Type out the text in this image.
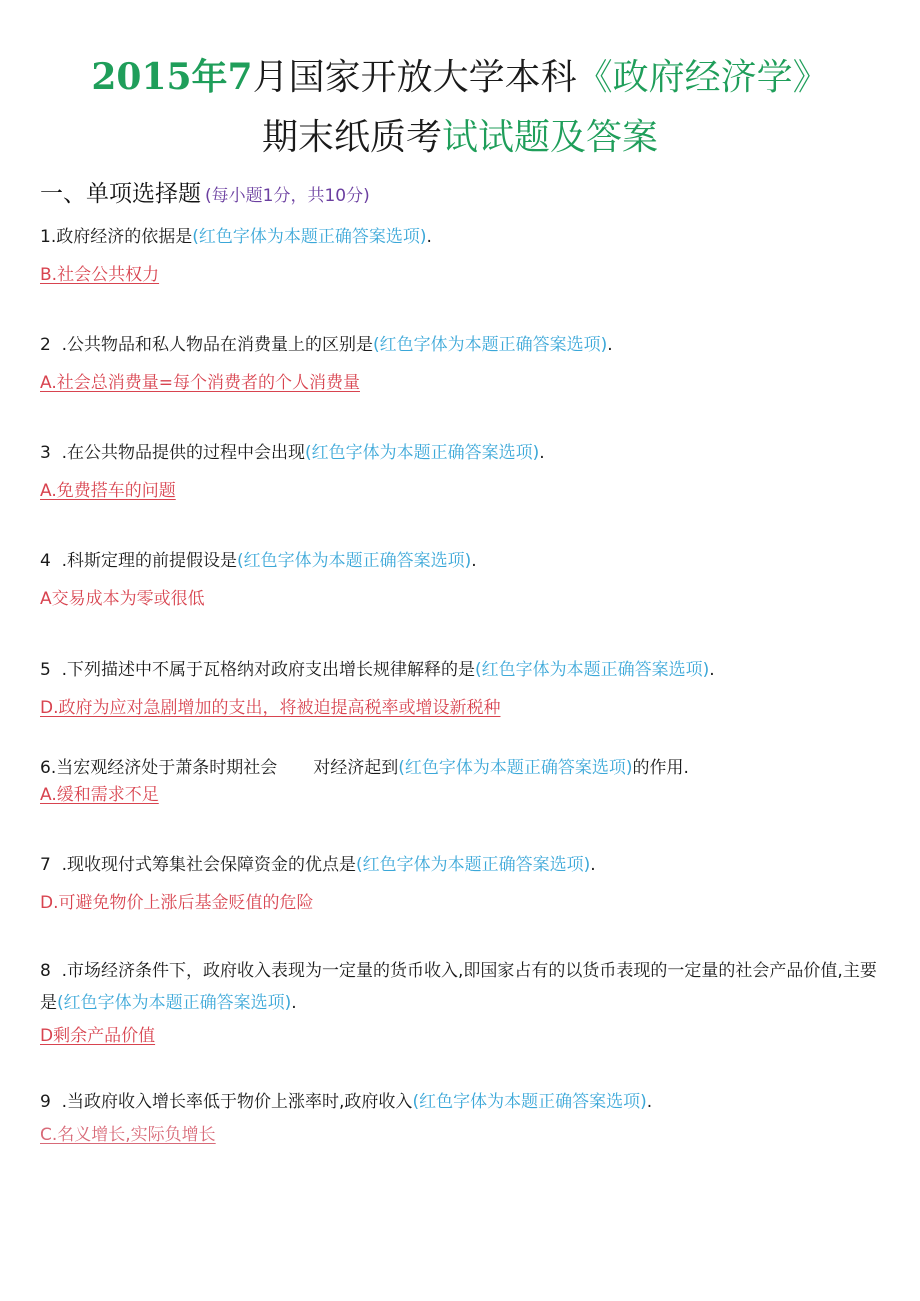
2015年7月国家开放大学本科《政府经济学》
期末纸质考试试题及答案
一、单项选择题 (每小题1分，共10分)
1.政府经济的依据是(红色字体为本题正确答案选项).
B.社会公共权力
2  .公共物品和私人物品在消费量上的区别是(红色字体为本题正确答案选项).
A.社会总消费量=每个消费者的个人消费量
3  .在公共物品提供的过程中会出现(红色字体为本题正确答案选项).
A.免费搭车的问题
4  .科斯定理的前提假设是(红色字体为本题正确答案选项).
A交易成本为零或很低
5  .下列描述中不属于瓦格纳对政府支出增长规律解释的是(红色字体为本题正确答案选项).
D.政府为应对急剧增加的支出，将被迫提高税率或增设新税种
6.当宏观经济处于萧条时期社会 对经济起到(红色字体为本题正确答案选项)的作用.
A.缓和需求不足
7  .现收现付式筹集社会保障资金的优点是(红色字体为本题正确答案选项).
D.可避免物价上涨后基金贬值的危险
8  .市场经济条件下，政府收入表现为一定量的货币收入,即国家占有的以货币表现的一定量的社会产品价值,主要是(红色字体为本题正确答案选项).
D剩余产品价值
9  .当政府收入增长率低于物价上涨率时,政府收入(红色字体为本题正确答案选项).
C.名义增长,实际负增长
